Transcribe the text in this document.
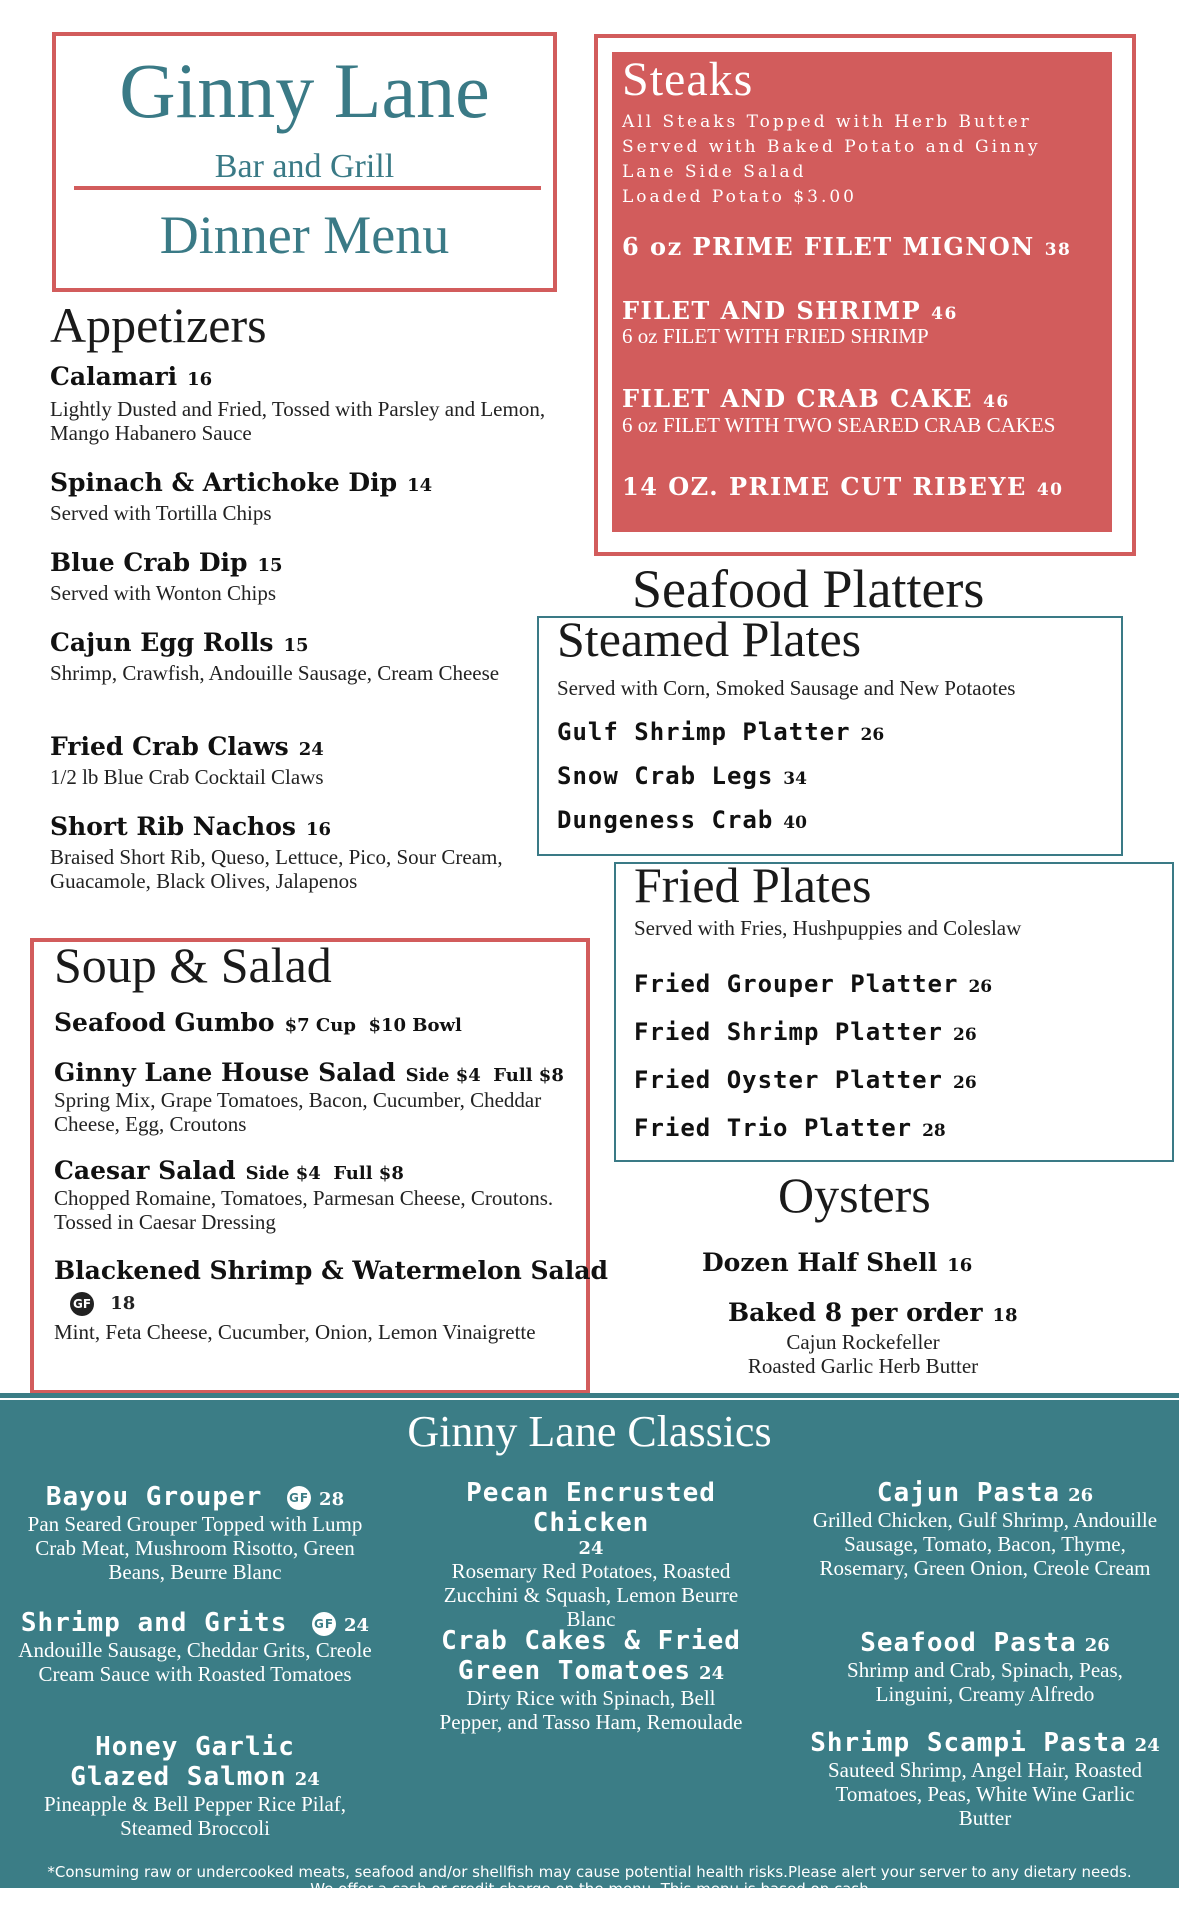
Ginny Lane
Bar and Grill
Dinner Menu
Appetizers
Calamari 16
Lightly Dusted and Fried, Tossed with Parsley and Lemon, Mango Habanero Sauce
Spinach & Artichoke Dip 14
Served with Tortilla Chips
Blue Crab Dip 15
Served with Wonton Chips
Cajun Egg Rolls 15
Shrimp, Crawfish, Andouille Sausage, Cream Cheese
Fried Crab Claws 24
1/2 lb Blue Crab Cocktail Claws
Short Rib Nachos 16
Braised Short Rib, Queso, Lettuce, Pico, Sour Cream, Guacamole, Black Olives, Jalapenos
Steaks
All Steaks Topped with Herb Butter
Served with Baked Potato and Ginny
Lane Side Salad
Loaded Potato $3.00
6 oz PRIME FILET MIGNON 38
FILET AND SHRIMP 46
6 oz FILET WITH FRIED SHRIMP
FILET AND CRAB CAKE 46
6 oz FILET WITH TWO SEARED CRAB CAKES
14 OZ. PRIME CUT RIBEYE 40
Seafood Platters
Steamed Plates
Served with Corn, Smoked Sausage and New Potaotes
Gulf Shrimp Platter 26
Snow Crab Legs 34
Dungeness Crab 40
Fried Plates
Served with Fries, Hushpuppies and Coleslaw
Fried Grouper Platter 26
Fried Shrimp Platter 26
Fried Oyster Platter 26
Fried Trio Platter 28
Oysters
Dozen Half Shell 16
Baked 8 per order 18
Cajun Rockefeller
Roasted Garlic Herb Butter
Soup & Salad
Seafood Gumbo $7 Cup  $10 Bowl
Ginny Lane House Salad Side $4  Full $8
Spring Mix, Grape Tomatoes, Bacon, Cucumber, Cheddar Cheese, Egg, Croutons
Caesar Salad Side $4  Full $8
Chopped Romaine, Tomatoes, Parmesan Cheese, Croutons. Tossed in Caesar Dressing
Blackened Shrimp & Watermelon Salad
GF 18
Mint, Feta Cheese, Cucumber, Onion, Lemon Vinaigrette
Ginny Lane Classics
Bayou Grouper GF 28
Pan Seared Grouper Topped with Lump Crab Meat, Mushroom Risotto, Green Beans, Beurre Blanc
Shrimp and Grits GF 24
Andouille Sausage, Cheddar Grits, Creole Cream Sauce with Roasted Tomatoes
Honey Garlic Glazed Salmon 24
Pineapple & Bell Pepper Rice Pilaf, Steamed Broccoli
Pecan Encrusted Chicken
24
Rosemary Red Potatoes, Roasted Zucchini & Squash, Lemon Beurre Blanc
Crab Cakes & Fried Green Tomatoes 24
Dirty Rice with Spinach, Bell Pepper, and Tasso Ham, Remoulade
Cajun Pasta 26
Grilled Chicken, Gulf Shrimp, Andouille Sausage, Tomato, Bacon, Thyme, Rosemary, Green Onion, Creole Cream
Seafood Pasta 26
Shrimp and Crab, Spinach, Peas, Linguini, Creamy Alfredo
Shrimp Scampi Pasta 24
Sauteed Shrimp, Angel Hair, Roasted Tomatoes, Peas, White Wine Garlic Butter
*Consuming raw or undercooked meats, seafood and/or shellfish may cause potential health risks.Please alert your server to any dietary needs.
We offer a cash or credit charge on the menu. This menu is based on cash
